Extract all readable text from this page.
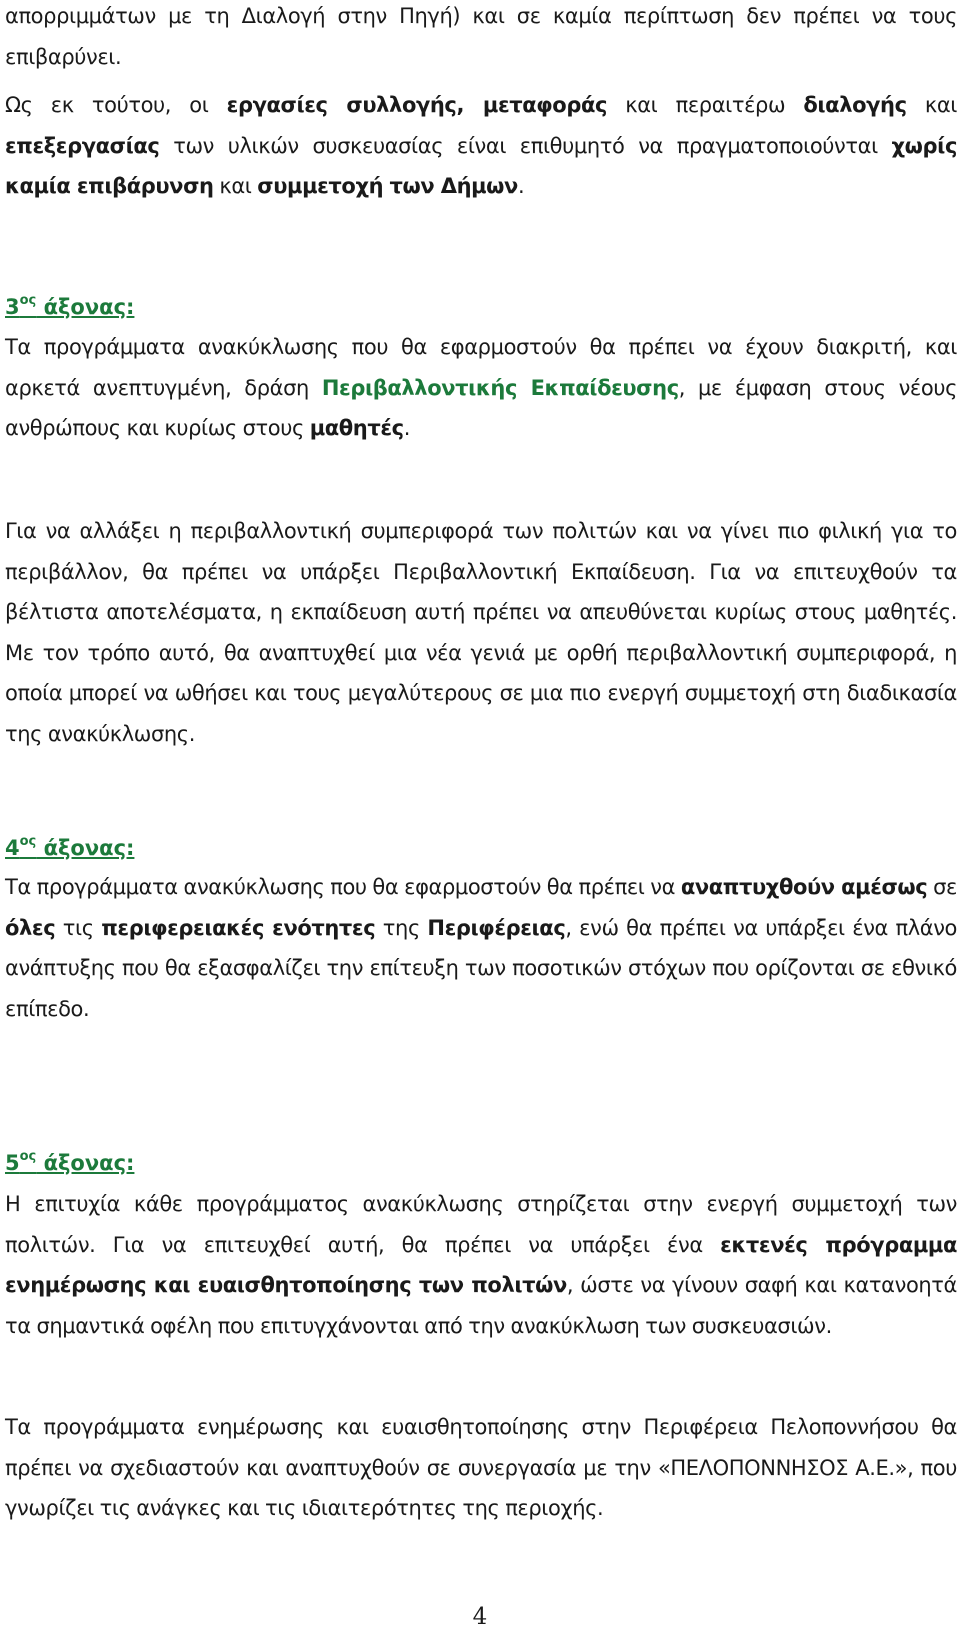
απορριμμάτων με τη Διαλογή στην Πηγή) και σε καμία περίπτωση δεν πρέπει να τους επιβαρύνει.

Ως εκ τούτου, οι εργασίες συλλογής, μεταφοράς και περαιτέρω διαλογής και επεξεργασίας των υλικών συσκευασίας είναι επιθυμητό να πραγματοποιούνται χωρίς καμία επιβάρυνση και συμμετοχή των Δήμων.

$3^{o\varsigma}$ άξονας:

Τα προγράμματα ανακύκλωσης που θα εφαρμοστούν θα πρέπει να έχουν διακριτή, και αρκετά ανεπτυγμένη, δράση Περιβαλλοντικής Εκπαίδευσης, με έμφαση στους νέους ανθρώπους και κυρίως στους μαθητές.

Για να αλλάξει η περιβαλλοντική συμπεριφορά των πολιτών και να γίνει πιο φιλική για το περιβάλλον, θα πρέπει να υπάρξει Περιβαλλοντική Εκπαίδευση. Για να επιτευχθούν τα βέλτιστα αποτελέσματα, η εκπαίδευση αυτή πρέπει να απευθύνεται κυρίως στους μαθητές. Με τον τρόπο αυτό, θα αναπτυχθεί μια νέα γενιά με ορθή περιβαλλοντική συμπεριφορά, η οποία μπορεί να ωθήσει και τους μεγαλύτερους σε μια πιο ενεργή συμμετοχή στη διαδικασία της ανακύκλωσης.

$4^{o\varsigma}$ άξονας:

Τα προγράμματα ανακύκλωσης που θα εφαρμοστούν θα πρέπει να αναπτυχθούν αμέσως σε όλες τις περιφερειακές ενότητες της Περιφέρειας, ενώ θα πρέπει να υπάρξει ένα πλάνο ανάπτυξης που θα εξασφαλίζει την επίτευξη των ποσοτικών στόχων που ορίζονται σε εθνικό επίπεδο.

$5^{o\varsigma}$ άξονας:

Η επιτυχία κάθε προγράμματος ανακύκλωσης στηρίζεται στην ενεργή συμμετοχή των πολιτών. Για να επιτευχθεί αυτή, θα πρέπει να υπάρξει ένα εκτενές πρόγραμμα ενημέρωσης και ευαισθητοποίησης των πολιτών, ώστε να γίνουν σαφή και κατανοητά τα σημαντικά οφέλη που επιτυγχάνονται από την ανακύκλωση των συσκευασιών.

Τα προγράμματα ενημέρωσης και ευαισθητοποίησης στην Περιφέρεια Πελοποννήσου θα πρέπει να σχεδιαστούν και αναπτυχθούν σε συνεργασία με την «ΠΕΛΟΠΟΝΝΗΣΟΣ Α.Ε.», που γνωρίζει τις ανάγκες και τις ιδιαιτερότητες της περιοχής.

4
